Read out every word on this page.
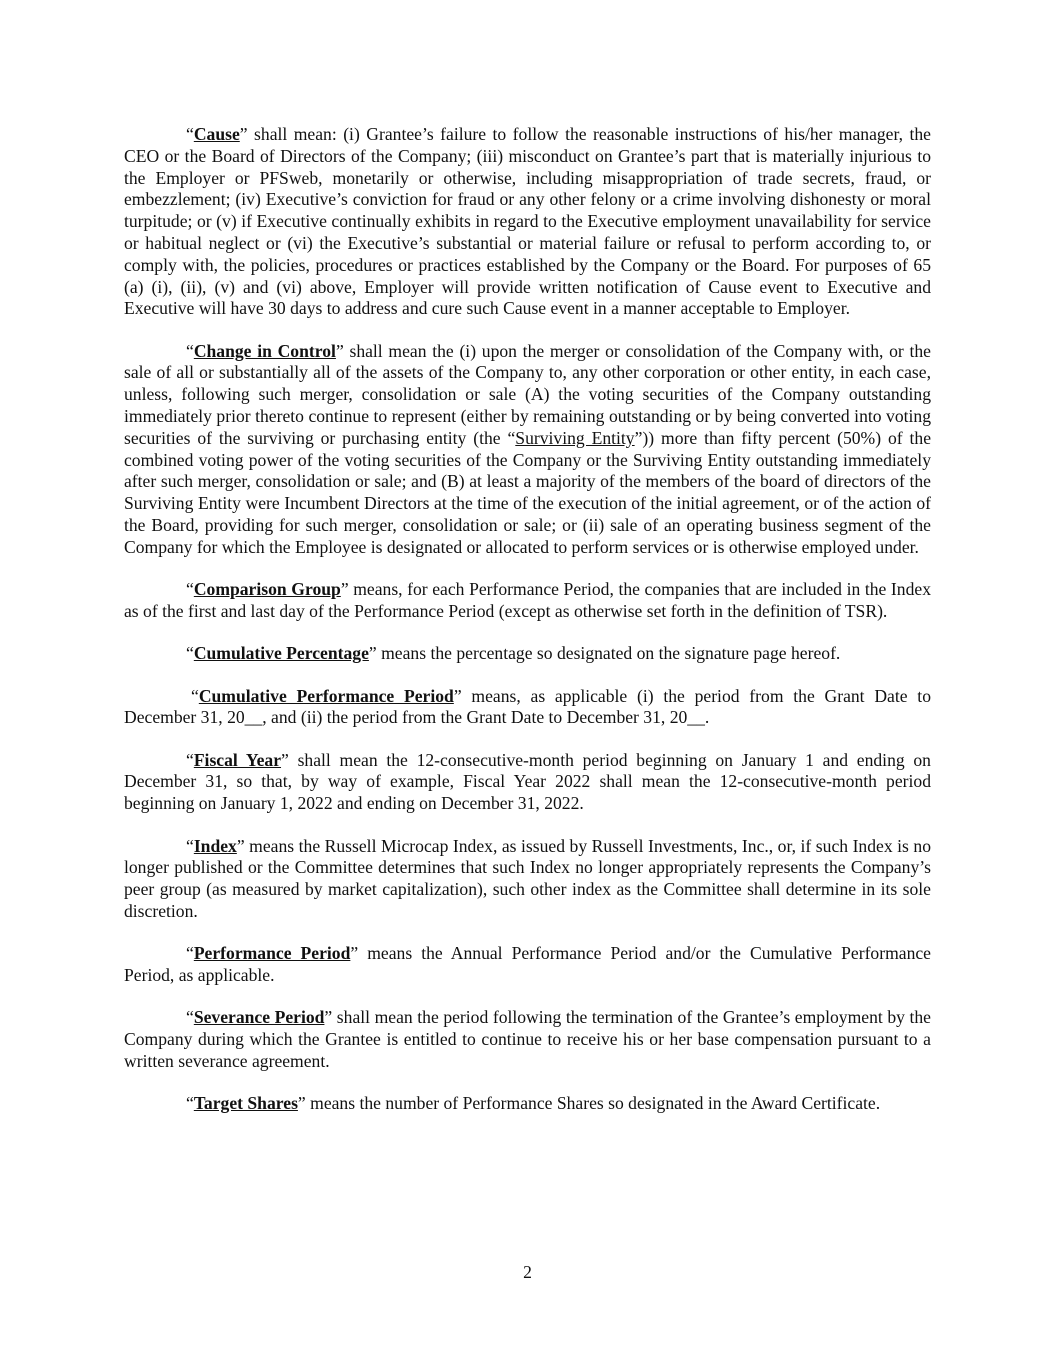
“Cause” shall mean: (i) Grantee’s failure to follow the reasonable instructions of his/her manager, the CEO or the Board of Directors of the Company; (iii) misconduct on Grantee’s part that is materially injurious to the Employer or PFSweb, monetarily or otherwise, including misappropriation of trade secrets, fraud, or embezzlement; (iv) Executive’s conviction for fraud or any other felony or a crime involving dishonesty or moral turpitude; or (v) if Executive continually exhibits in regard to the Executive employment unavailability for service or habitual neglect or (vi) the Executive’s substantial or material failure or refusal to perform according to, or comply with, the policies, procedures or practices established by the Company or the Board. For purposes of 65 (a) (i), (ii), (v) and (vi) above, Employer will provide written notification of Cause event to Executive and Executive will have 30 days to address and cure such Cause event in a manner acceptable to Employer.

“Change in Control” shall mean the (i) upon the merger or consolidation of the Company with, or the sale of all or substantially all of the assets of the Company to, any other corporation or other entity, in each case, unless, following such merger, consolidation or sale (A) the voting securities of the Company outstanding immediately prior thereto continue to represent (either by remaining outstanding or by being converted into voting securities of the surviving or purchasing entity (the “Surviving Entity”)) more than fifty percent (50%) of the combined voting power of the voting securities of the Company or the Surviving Entity outstanding immediately after such merger, consolidation or sale; and (B) at least a majority of the members of the board of directors of the Surviving Entity were Incumbent Directors at the time of the execution of the initial agreement, or of the action of the Board, providing for such merger, consolidation or sale; or (ii) sale of an operating business segment of the Company for which the Employee is designated or allocated to perform services or is otherwise employed under.

“Comparison Group” means, for each Performance Period, the companies that are included in the Index as of the first and last day of the Performance Period (except as otherwise set forth in the definition of TSR).

“Cumulative Percentage” means the percentage so designated on the signature page hereof.

“Cumulative Performance Period” means, as applicable (i) the period from the Grant Date to December 31, 20__, and (ii) the period from the Grant Date to December 31, 20__.

“Fiscal Year” shall mean the 12-consecutive-month period beginning on January 1 and ending on December 31, so that, by way of example, Fiscal Year 2022 shall mean the 12-consecutive-month period beginning on January 1, 2022 and ending on December 31, 2022.

“Index” means the Russell Microcap Index, as issued by Russell Investments, Inc., or, if such Index is no longer published or the Committee determines that such Index no longer appropriately represents the Company’s peer group (as measured by market capitalization), such other index as the Committee shall determine in its sole discretion.

“Performance Period” means the Annual Performance Period and/or the Cumulative Performance Period, as applicable.

“Severance Period” shall mean the period following the termination of the Grantee’s employment by the Company during which the Grantee is entitled to continue to receive his or her base compensation pursuant to a written severance agreement.

“Target Shares” means the number of Performance Shares so designated in the Award Certificate.

2
